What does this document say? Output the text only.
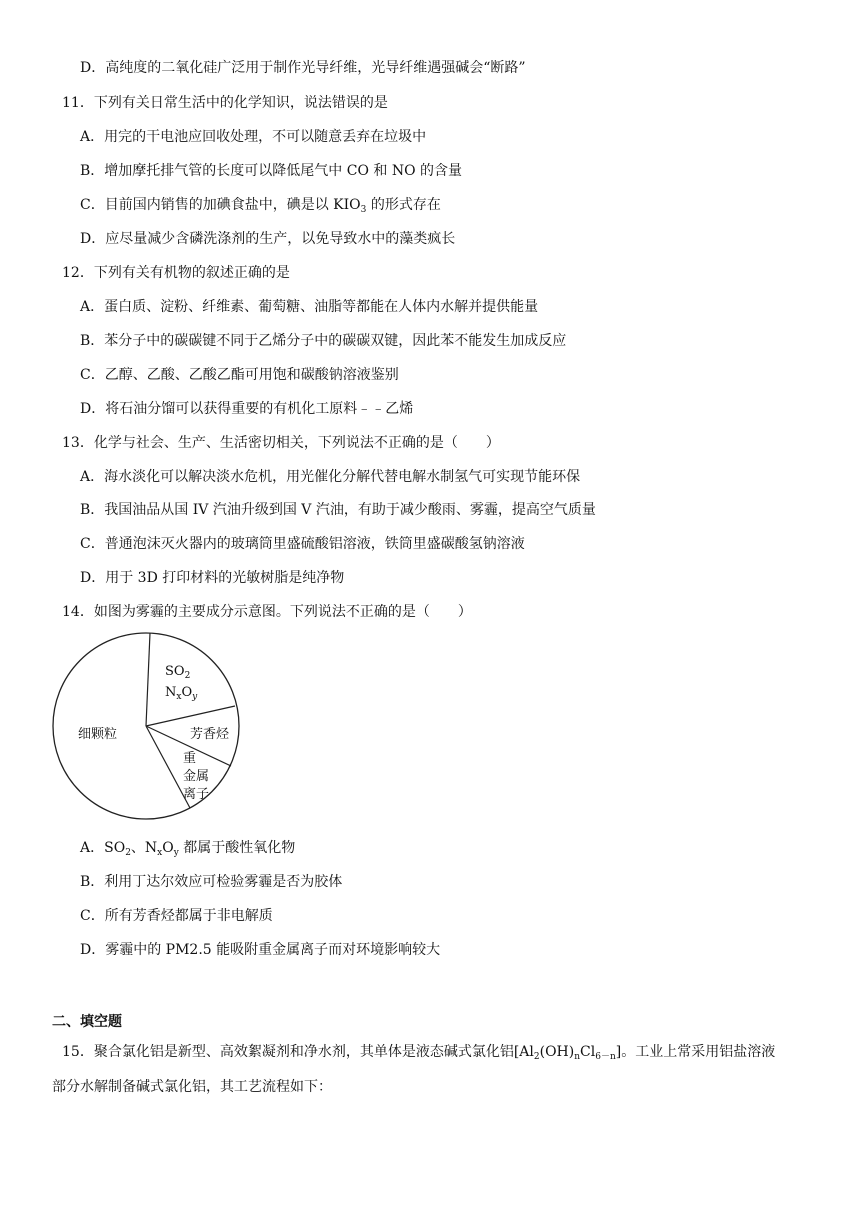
D．高纯度的二氧化硅广泛用于制作光导纤维，光导纤维遇强碱会“断路”
11．下列有关日常生活中的化学知识，说法错误的是
A．用完的干电池应回收处理，不可以随意丢弃在垃圾中
B．增加摩托排气管的长度可以降低尾气中 CO 和 NO 的含量
C．目前国内销售的加碘食盐中，碘是以 $KIO_3$ 的形式存在
D．应尽量减少含磷洗涤剂的生产，以免导致水中的藻类疯长
12．下列有关有机物的叙述正确的是
A．蛋白质、淀粉、纤维素、葡萄糖、油脂等都能在人体内水解并提供能量
B．苯分子中的碳碳键不同于乙烯分子中的碳碳双键，因此苯不能发生加成反应
C．乙醇、乙酸、乙酸乙酯可用饱和碳酸钠溶液鉴别
D．将石油分馏可以获得重要的有机化工原料﹣﹣乙烯
13．化学与社会、生产、生活密切相关，下列说法不正确的是（　　）
A．海水淡化可以解决淡水危机，用光催化分解代替电解水制氢气可实现节能环保
B．我国油品从国 IV 汽油升级到国 V 汽油，有助于减少酸雨、雾霾，提高空气质量
C．普通泡沫灭火器内的玻璃筒里盛硫酸铝溶液，铁筒里盛碳酸氢钠溶液
D．用于 3D 打印材料的光敏树脂是纯净物
14．如图为雾霾的主要成分示意图。下列说法不正确的是（　　）
A．$SO_2$、$N_xO_y$ 都属于酸性氧化物
B．利用丁达尔效应可检验雾霾是否为胶体
C．所有芳香烃都属于非电解质
D．雾霾中的 PM2.5 能吸附重金属离子而对环境影响较大
二、填空题
15．聚合氯化铝是新型、高效絮凝剂和净水剂，其单体是液态碱式氯化铝$[Al_2(OH)_nCl_{6-n}]$。工业上常采用铝盐溶液
部分水解制备碱式氯化铝，其工艺流程如下：
细颗粒
$SO_2$
$N_xO_y$
芳香烃
重
金属
离子
